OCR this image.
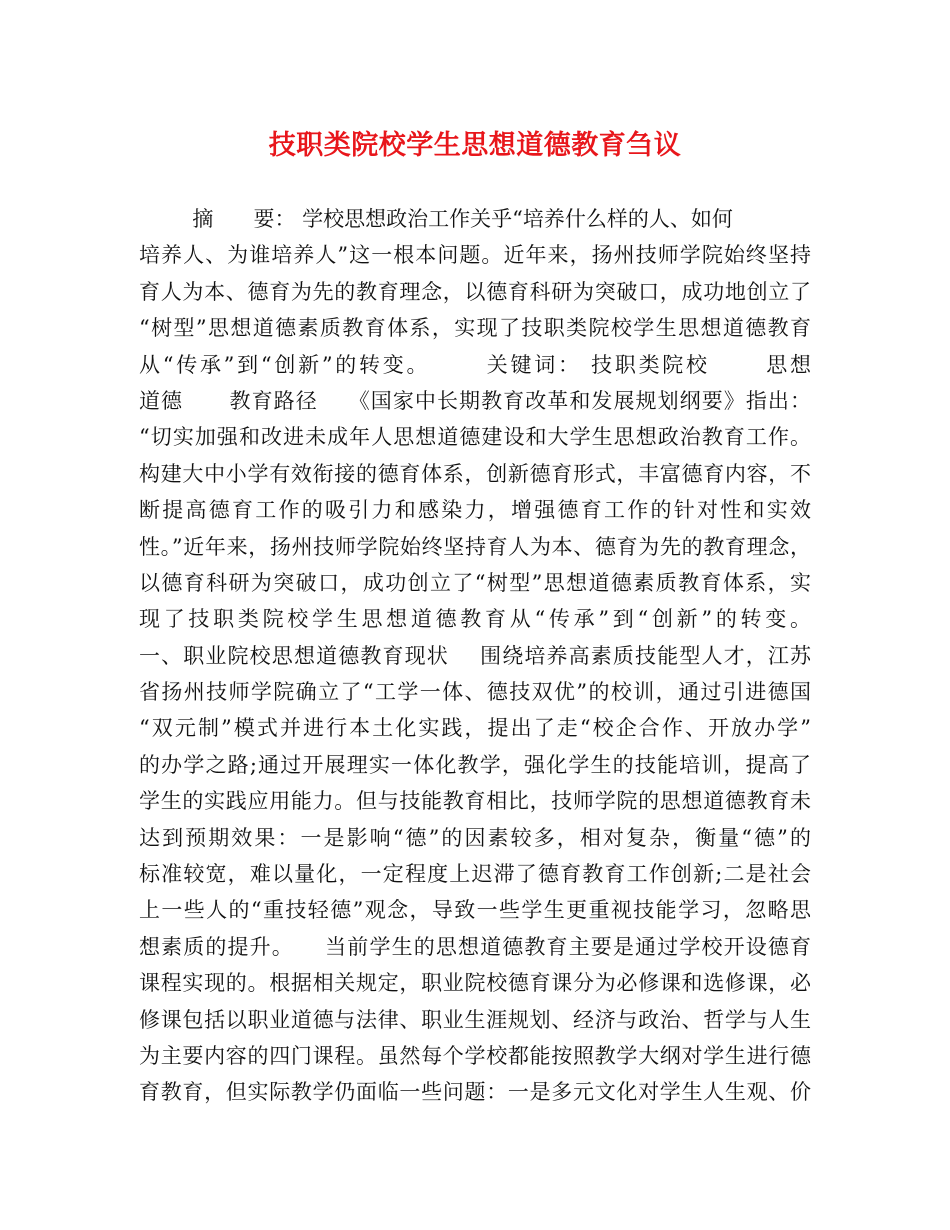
技职类院校学生思想道德教育刍议
摘      要： 学校思想政治工作关乎“培养什么样的人、如何
培养人、为谁培养人”这一根本问题。近年来，扬州技师学院始终坚持
育人为本、德育为先的教育理念，以德育科研为突破口，成功地创立了
“树型”思想道德素质教育体系，实现了技职类院校学生思想道德教育
从“传承”到“创新”的转变。      关键词： 技职类院校      思想
道德      教育路径    《国家中长期教育改革和发展规划纲要》指出：
“切实加强和改进未成年人思想道德建设和大学生思想政治教育工作。
构建大中小学有效衔接的德育体系，创新德育形式，丰富德育内容，不
断提高德育工作的吸引力和感染力，增强德育工作的针对性和实效
性。”近年来，扬州技师学院始终坚持育人为本、德育为先的教育理念，
以德育科研为突破口，成功创立了“树型”思想道德素质教育体系，实
现了技职类院校学生思想道德教育从“传承”到“创新”的转变。
一、职业院校思想道德教育现状    围绕培养高素质技能型人才，江苏
省扬州技师学院确立了“工学一体、德技双优”的校训，通过引进德国
“双元制”模式并进行本土化实践，提出了走“校企合作、开放办学”
的办学之路;通过开展理实一体化教学，强化学生的技能培训，提高了
学生的实践应用能力。但与技能教育相比，技师学院的思想道德教育未
达到预期效果：一是影响“德”的因素较多，相对复杂，衡量“德”的
标准较宽，难以量化，一定程度上迟滞了德育教育工作创新;二是社会
上一些人的“重技轻德”观念，导致一些学生更重视技能学习，忽略思
想素质的提升。    当前学生的思想道德教育主要是通过学校开设德育
课程实现的。根据相关规定，职业院校德育课分为必修课和选修课，必
修课包括以职业道德与法律、职业生涯规划、经济与政治、哲学与人生
为主要内容的四门课程。虽然每个学校都能按照教学大纲对学生进行德
育教育，但实际教学仍面临一些问题：一是多元文化对学生人生观、价
